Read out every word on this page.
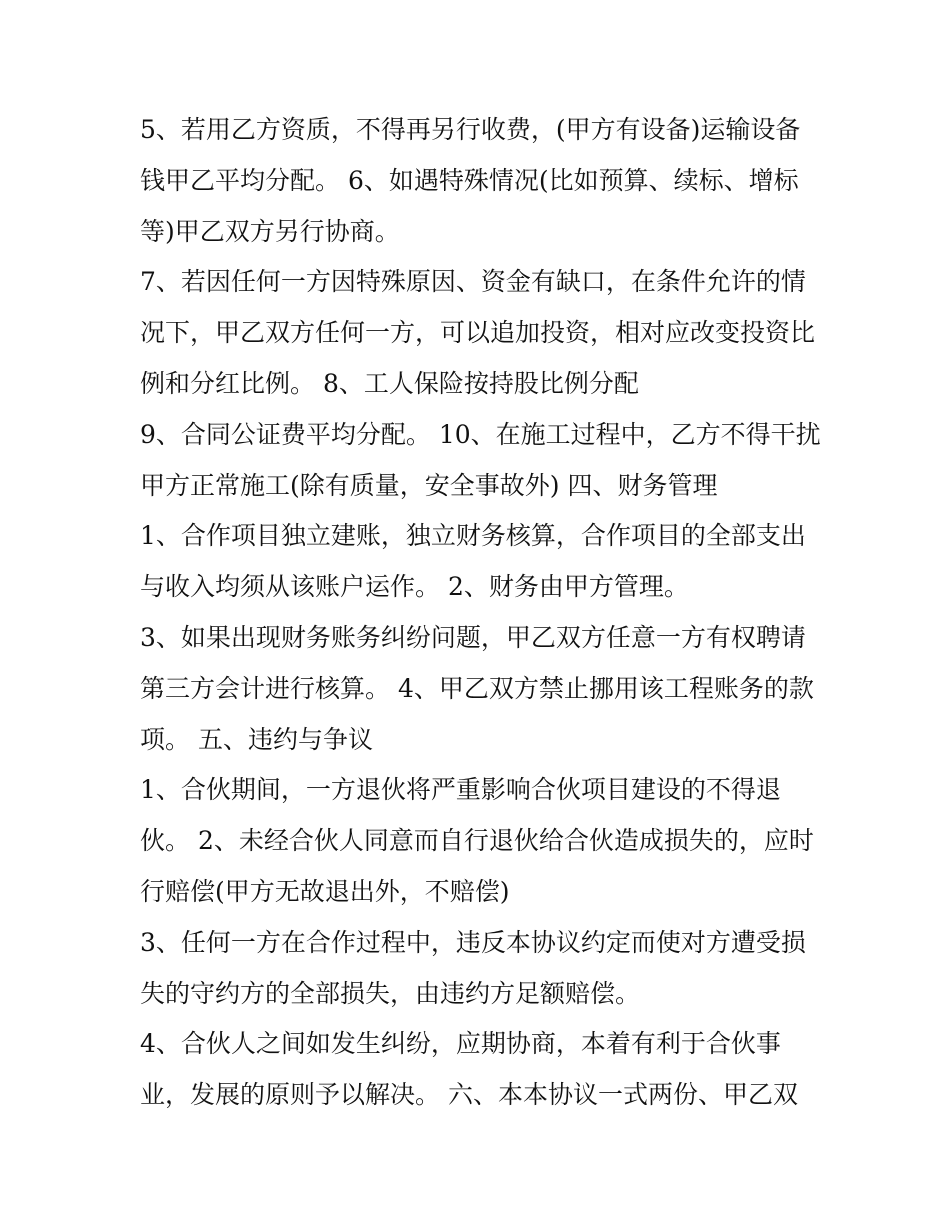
5、若用乙方资质，不得再另行收费，(甲方有设备)运输设备
钱甲乙平均分配。 6、如遇特殊情况(比如预算、续标、增标
等)甲乙双方另行协商。
7、若因任何一方因特殊原因、资金有缺口，在条件允许的情
况下，甲乙双方任何一方，可以追加投资，相对应改变投资比
例和分红比例。 8、工人保险按持股比例分配
9、合同公证费平均分配。 10、在施工过程中，乙方不得干扰
甲方正常施工(除有质量，安全事故外) 四、财务管理
1、合作项目独立建账，独立财务核算，合作项目的全部支出
与收入均须从该账户运作。 2、财务由甲方管理。
3、如果出现财务账务纠纷问题，甲乙双方任意一方有权聘请
第三方会计进行核算。 4、甲乙双方禁止挪用该工程账务的款
项。 五、违约与争议
1、合伙期间，一方退伙将严重影响合伙项目建设的不得退
伙。 2、未经合伙人同意而自行退伙给合伙造成损失的，应时
行赔偿(甲方无故退出外，不赔偿)
3、任何一方在合作过程中，违反本协议约定而使对方遭受损
失的守约方的全部损失，由违约方足额赔偿。
4、合伙人之间如发生纠纷，应期协商，本着有利于合伙事
业，发展的原则予以解决。 六、本本协议一式两份、甲乙双
